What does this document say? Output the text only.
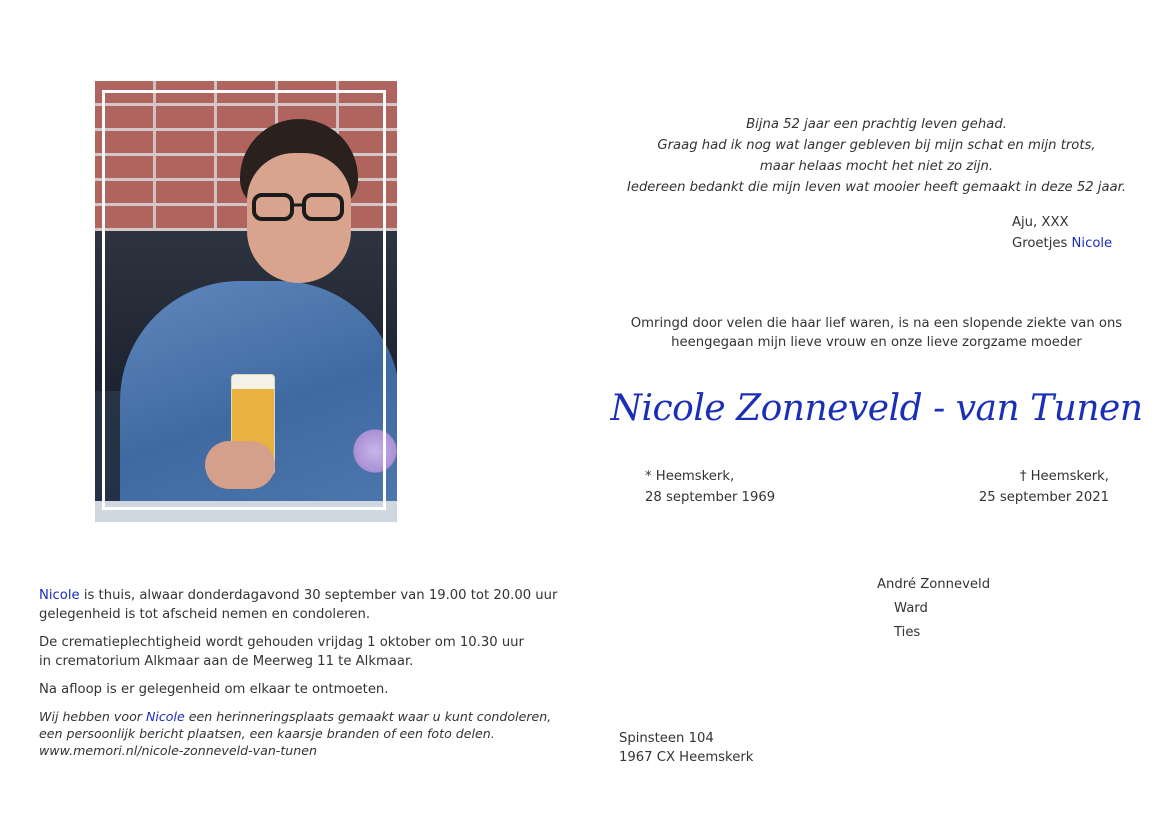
Bijna 52 jaar een prachtig leven gehad.
Graag had ik nog wat langer gebleven bij mijn schat en mijn trots,
maar helaas mocht het niet zo zijn.
Iedereen bedankt die mijn leven wat mooier heeft gemaakt in deze 52 jaar.
Aju, XXX
Groetjes Nicole
Omringd door velen die haar lief waren, is na een slopende ziekte van ons
heengegaan mijn lieve vrouw en onze lieve zorgzame moeder
Nicole Zonneveld - van Tunen
* Heemskerk,
28 september 1969
† Heemskerk,
25 september 2021
André Zonneveld
Ward
Ties
Spinsteen 104
1967 CX Heemskerk

Nicole is thuis, alwaar donderdagavond 30 september van 19.00 tot 20.00 uur
gelegenheid is tot afscheid nemen en condoleren.

De crematieplechtigheid wordt gehouden vrijdag 1 oktober om 10.30 uur
in crematorium Alkmaar aan de Meerweg 11 te Alkmaar.

Na afloop is er gelegenheid om elkaar te ontmoeten.

Wij hebben voor Nicole een herinneringsplaats gemaakt waar u kunt condoleren,
een persoonlijk bericht plaatsen, een kaarsje branden of een foto delen.
www.memori.nl/nicole-zonneveld-van-tunen
